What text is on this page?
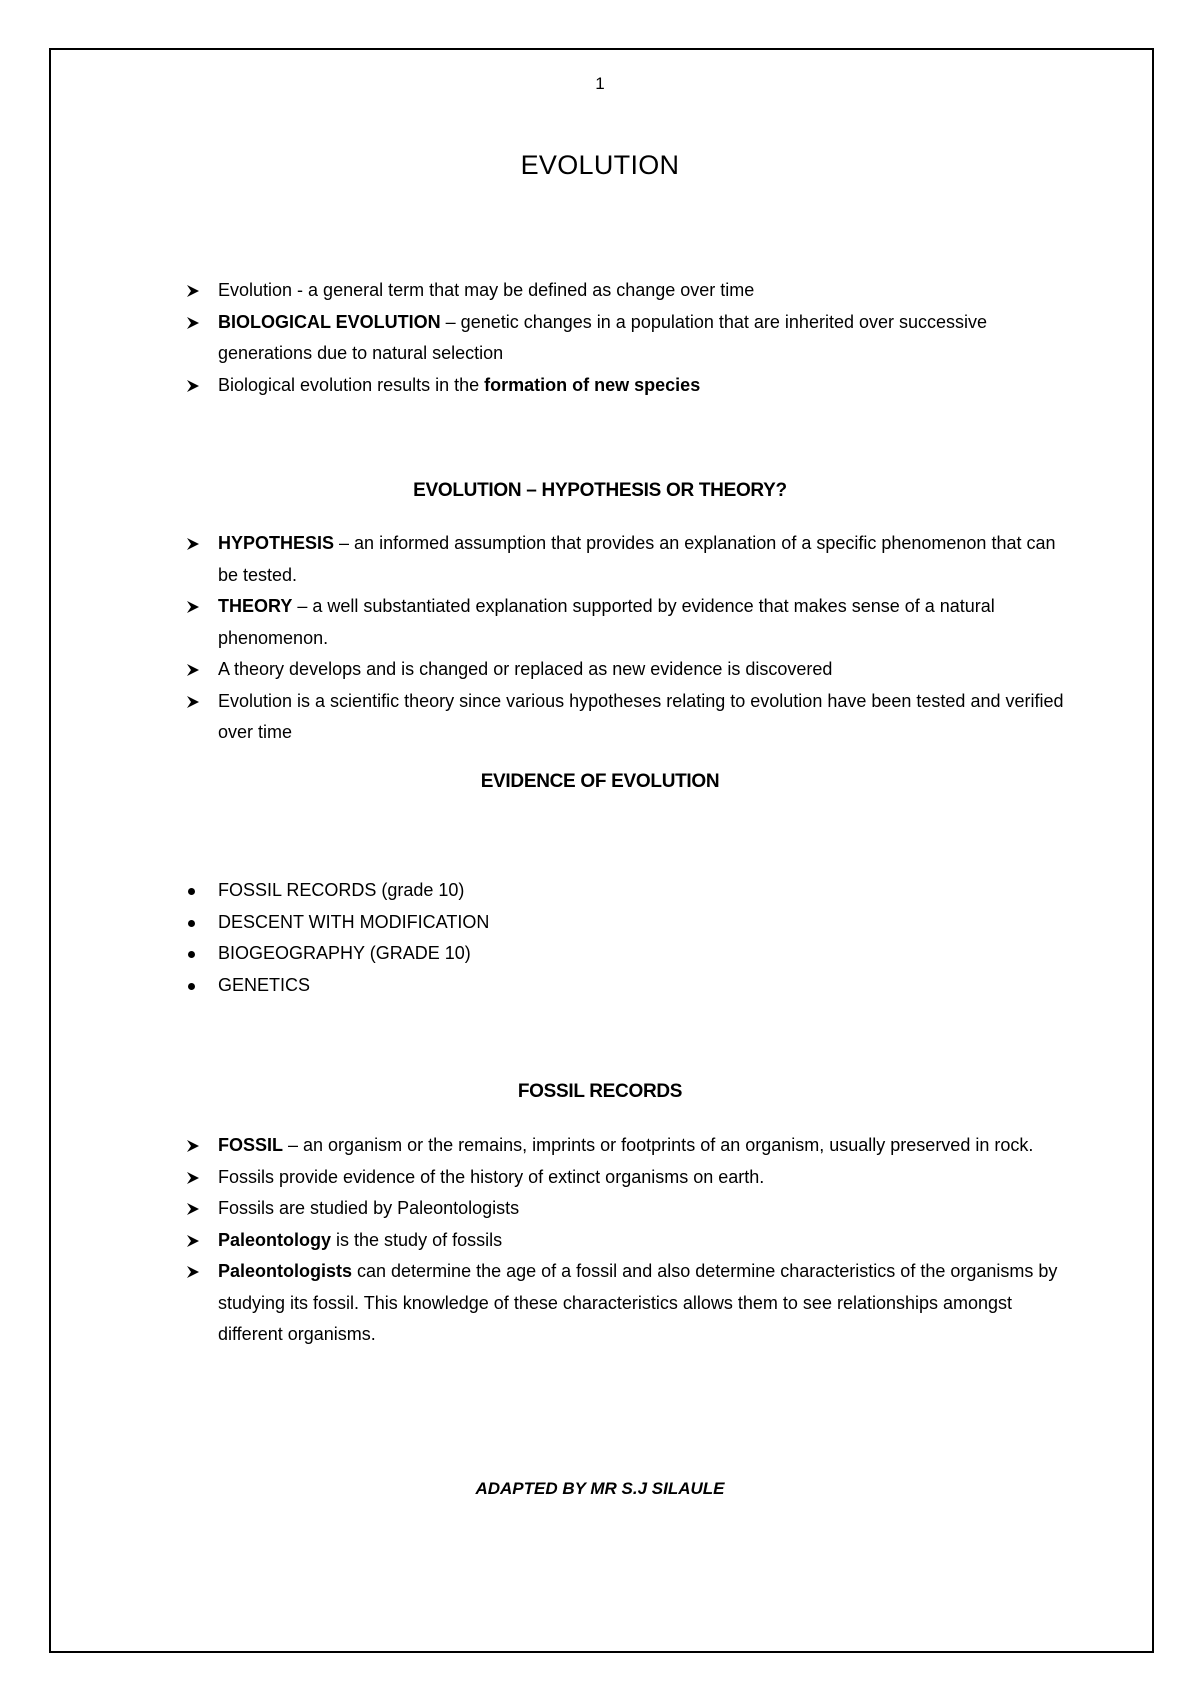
1
EVOLUTION
Evolution - a general term that may be defined as change over time
BIOLOGICAL EVOLUTION – genetic changes in a population that are inherited over successive generations due to natural selection
Biological evolution results in the formation of new species
EVOLUTION – HYPOTHESIS OR THEORY?
HYPOTHESIS – an informed assumption that provides an explanation of a specific phenomenon that can be tested.
THEORY – a well substantiated explanation supported by evidence that makes sense of a natural phenomenon.
A theory develops and is changed or replaced as new evidence is discovered
Evolution is a scientific theory since various hypotheses relating to evolution have been tested and verified over time
EVIDENCE OF EVOLUTION
FOSSIL RECORDS (grade 10)
DESCENT WITH MODIFICATION
BIOGEOGRAPHY (GRADE 10)
GENETICS
FOSSIL RECORDS
FOSSIL – an organism or the remains, imprints or footprints of an organism, usually preserved in rock.
Fossils provide evidence of the history of extinct organisms on earth.
Fossils are studied by Paleontologists
Paleontology is the study of fossils
Paleontologists can determine the age of a fossil and also determine characteristics of the organisms by studying its fossil. This knowledge of these characteristics allows them to see relationships amongst different organisms.
ADAPTED BY MR S.J SILAULE
